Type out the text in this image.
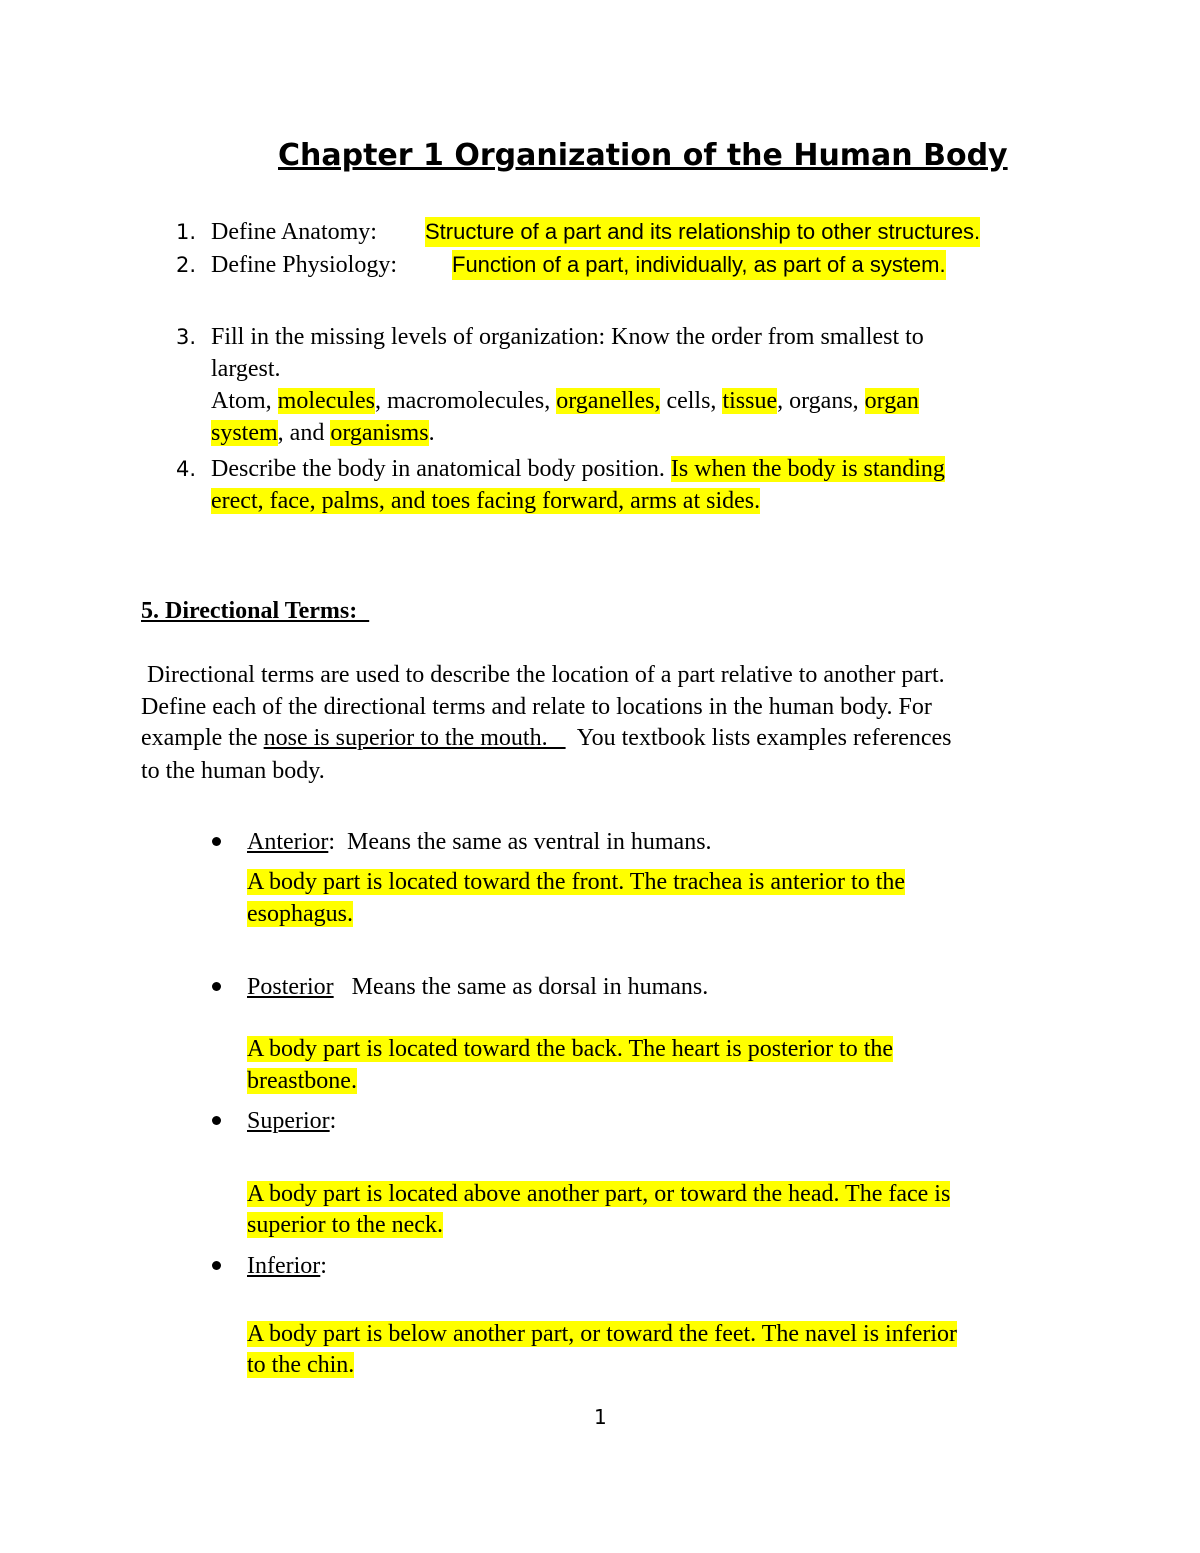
Chapter 1 Organization of the Human Body
1. Define Anatomy: Structure of a part and its relationship to other structures.
2. Define Physiology:	Function of a part, individually, as part of a system.
3. Fill in the missing levels of organization: Know the order from smallest to
largest.
Atom, molecules, macromolecules, organelles, cells, tissue, organs, organ
system, and organisms.
4. Describe the body in anatomical body position. Is when the body is standing
erect, face, palms, and toes facing forward, arms at sides.
5. Directional Terms:
Directional terms are used to describe the location of a part relative to another part.
Define each of the directional terms and relate to locations in the human body. For
example the nose is superior to the mouth.     You textbook lists examples references
to the human body.
Anterior:  Means the same as ventral in humans.
A body part is located toward the front. The trachea is anterior to the
esophagus.
Posterior   Means the same as dorsal in humans.
A body part is located toward the back. The heart is posterior to the
breastbone.
Superior:
A body part is located above another part, or toward the head. The face is
superior to the neck.
Inferior:
A body part is below another part, or toward the feet. The navel is inferior
to the chin.
1
